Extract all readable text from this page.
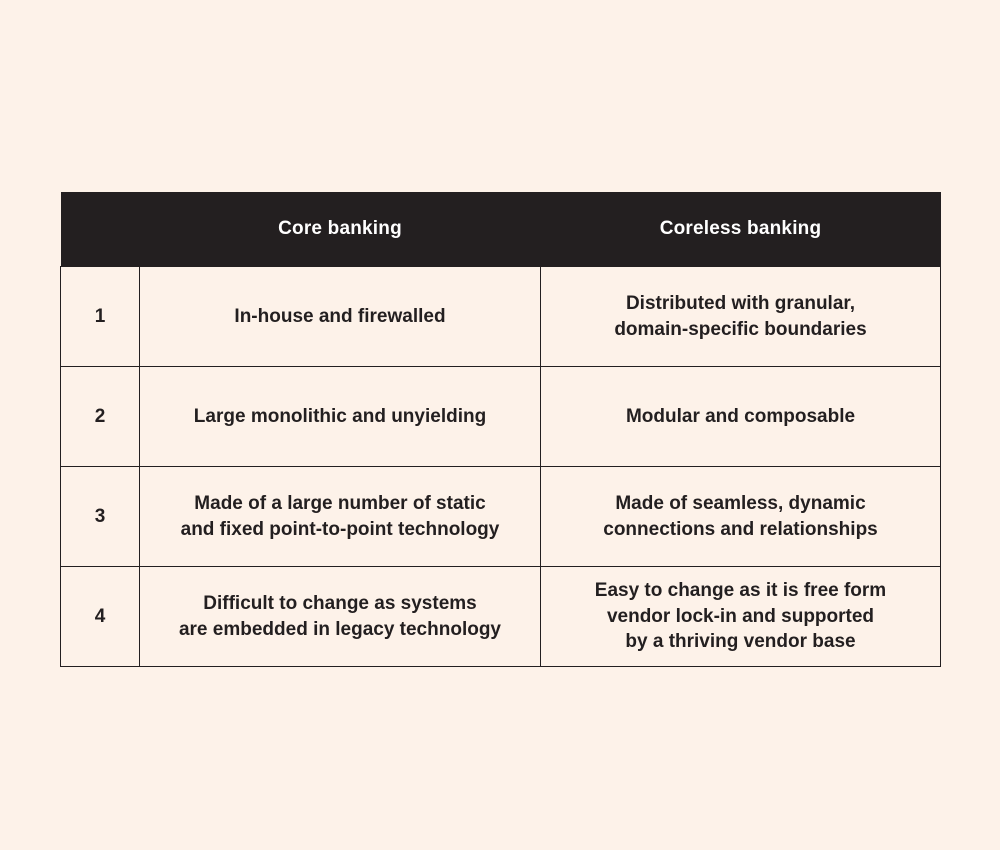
	Core banking	Coreless banking
1	In-house and firewalled	Distributed with granular,
domain-specific boundaries

2	Large monolithic and unyielding	Modular and composable

3	Made of a large number of static
and fixed point-to-point technology	Made of seamless, dynamic
connections and relationships

4	Difficult to change as systems
are embedded in legacy technology	Easy to change as it is free form
vendor lock-in and supported
by a thriving vendor base
